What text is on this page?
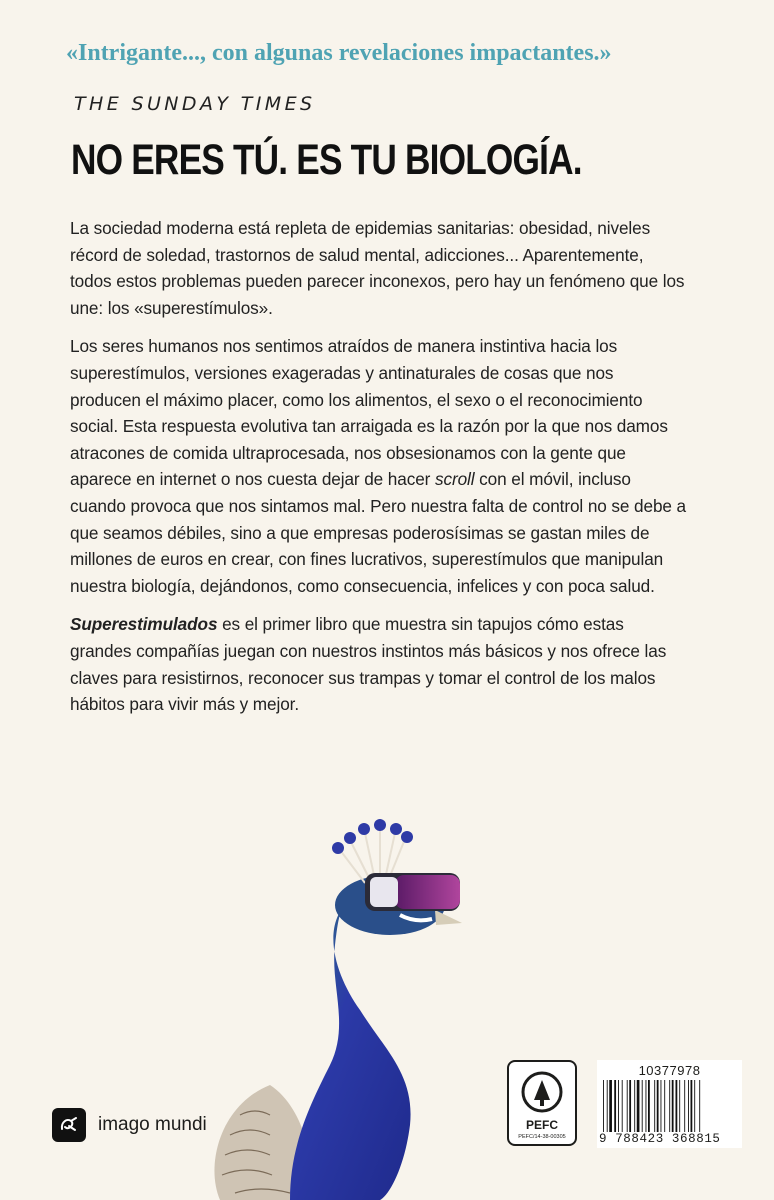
«Intrigante..., con algunas revelaciones impactantes.»
THE SUNDAY TIMES
NO ERES TÚ. ES TU BIOLOGÍA.

La sociedad moderna está repleta de epidemias sanitarias: obesidad, niveles récord de soledad, trastornos de salud mental, adicciones... Aparentemente, todos estos problemas pueden parecer inconexos, pero hay un fenómeno que los une: los «superestímulos».

Los seres humanos nos sentimos atraídos de manera instintiva hacia los superestímulos, versiones exageradas y antinaturales de cosas que nos producen el máximo placer, como los alimentos, el sexo o el reconocimiento social. Esta respuesta evolutiva tan arraigada es la razón por la que nos damos atracones de comida ultraprocesada, nos obsesionamos con la gente que aparece en internet o nos cuesta dejar de hacer scroll con el móvil, incluso cuando provoca que nos sintamos mal. Pero nuestra falta de control no se debe a que seamos débiles, sino a que empresas poderosísimas se gastan miles de millones de euros en crear, con fines lucrativos, superestímulos que manipulan nuestra biología, dejándonos, como consecuencia, infelices y con poca salud.

Superestimulados es el primer libro que muestra sin tapujos cómo estas grandes compañías juegan con nuestros instintos más básicos y nos ofrece las claves para resistirnos, reconocer sus trampas y tomar el control de los malos hábitos para vivir más y mejor.

imago mundi	PEFC
PEFC/14-38-00305
10377978
9 788423 368815
